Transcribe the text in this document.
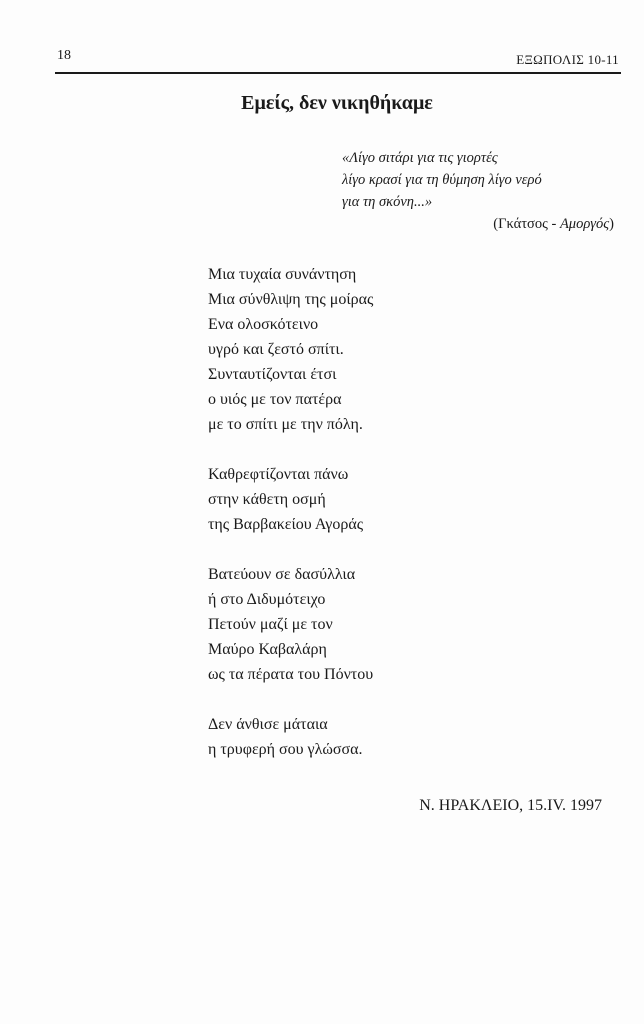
18	ΕΞΩΠΟΛΙΣ 10-11
Εμείς, δεν νικηθήκαμε
«Λίγο σιτάρι για τις γιορτές
λίγο κρασί για τη θύμηση λίγο νερό
για τη σκόνη...»
(Γκάτσος - Αμοργός)
Μια τυχαία συνάντηση
Μια σύνθλιψη της μοίρας
Ενα ολοσκότεινο
υγρό και ζεστό σπίτι.
Συνταυτίζονται έτσι
ο υιός με τον πατέρα
με το σπίτι με την πόλη.
Καθρεφτίζονται πάνω
στην κάθετη οσμή
της Βαρβακείου Αγοράς
Βατεύουν σε δασύλλια
ή στο Διδυμότειχο
Πετούν μαζί με τον
Μαύρο Καβαλάρη
ως τα πέρατα του Πόντου
Δεν άνθισε μάταια
η τρυφερή σου γλώσσα.
Ν. ΗΡΑΚΛΕΙΟ, 15.IV. 1997
